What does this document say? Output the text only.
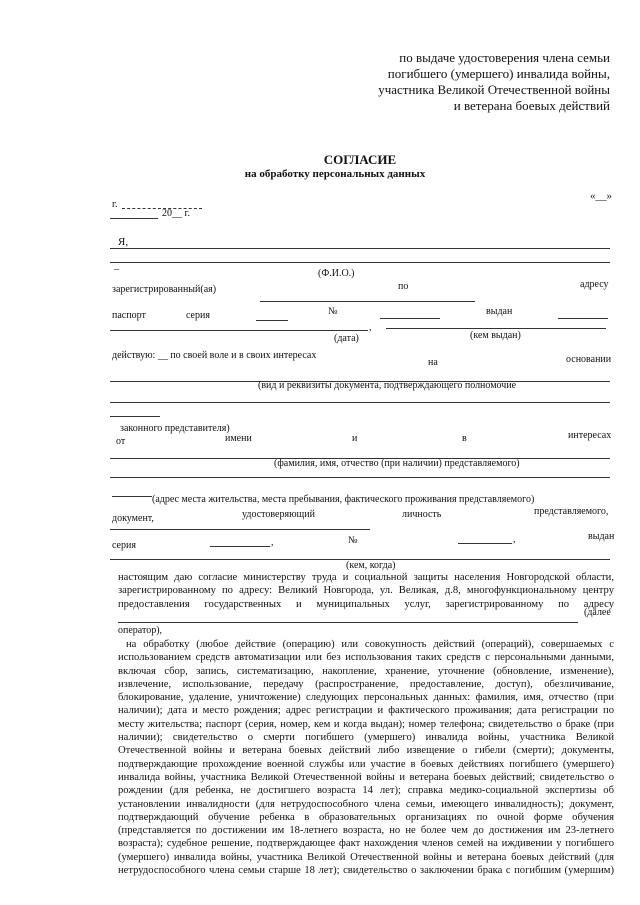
по выдаче удостоверения члена семьи
погибшего (умершего) инвалида войны,
участника Великой Отечественной войны
и ветерана боевых действий
СОГЛАСИЕ
на обработку персональных данных
г.
«__»
20__ г.
Я,
–	(Ф.И.О.)
зарегистрированный(ая)	по	адресу
паспорт	серия	№	выдан
,
(дата)	(кем выдан)
действую: __ по своей воле и в своих интересах
на	основании
(вид и реквизиты документа, подтверждающего полномочие
законного представителя)
от	имени	и	в	интересах
(фамилия, имя, отчество (при наличии) представляемого)
(адрес места жительства, места пребывания, фактического проживания представляемого)
документ,	удостоверяющий	личность	представляемого,
серия	,	№	,	выдан
(кем, когда)
настоящим даю согласие министерству труда и социальной защиты населения Новгородской области,
зарегистрированному по адресу: Великий Новгорода, ул. Великая, д.8, многофункциональному центру
предоставления государственных и муниципальных услуг, зарегистрированному по адресу
(далее
оператор),
на обработку (любое действие (операцию) или совокупность действий (операций), совершаемых с
использованием средств автоматизации или без использования таких средств с персональными данными,
включая сбор, запись, систематизацию, накопление, хранение, уточнение (обновление, изменение),
извлечение, использование, передачу (распространение, предоставление, доступ), обезличивание,
блокирование, удаление, уничтожение) следующих персональных данных: фамилия, имя, отчество (при
наличии); дата и место рождения; адрес регистрации и фактического проживания; дата регистрации по
месту жительства; паспорт (серия, номер, кем и когда выдан); номер телефона; свидетельство о браке (при
наличии); свидетельство о смерти погибшего (умершего) инвалида войны, участника Великой
Отечественной войны и ветерана боевых действий либо извещение о гибели (смерти); документы,
подтверждающие прохождение военной службы или участие в боевых действиях погибшего (умершего)
инвалида войны, участника Великой Отечественной войны и ветерана боевых действий; свидетельство о
рождении (для ребенка, не достигшего возраста 14 лет); справка медико-социальной экспертизы об
установлении инвалидности (для нетрудоспособного члена семьи, имеющего инвалидность); документ,
подтверждающий обучение ребенка в образовательных организациях по очной форме обучения
(представляется по достижении им 18-летнего возраста, но не более чем до достижения им 23-летнего
возраста); судебное решение, подтверждающее факт нахождения членов семей на иждивении у погибшего
(умершего) инвалида войны, участника Великой Отечественной войны и ветерана боевых действий (для
нетрудоспособного члена семьи старше 18 лет); свидетельство о заключении брака с погибшим (умершим)
